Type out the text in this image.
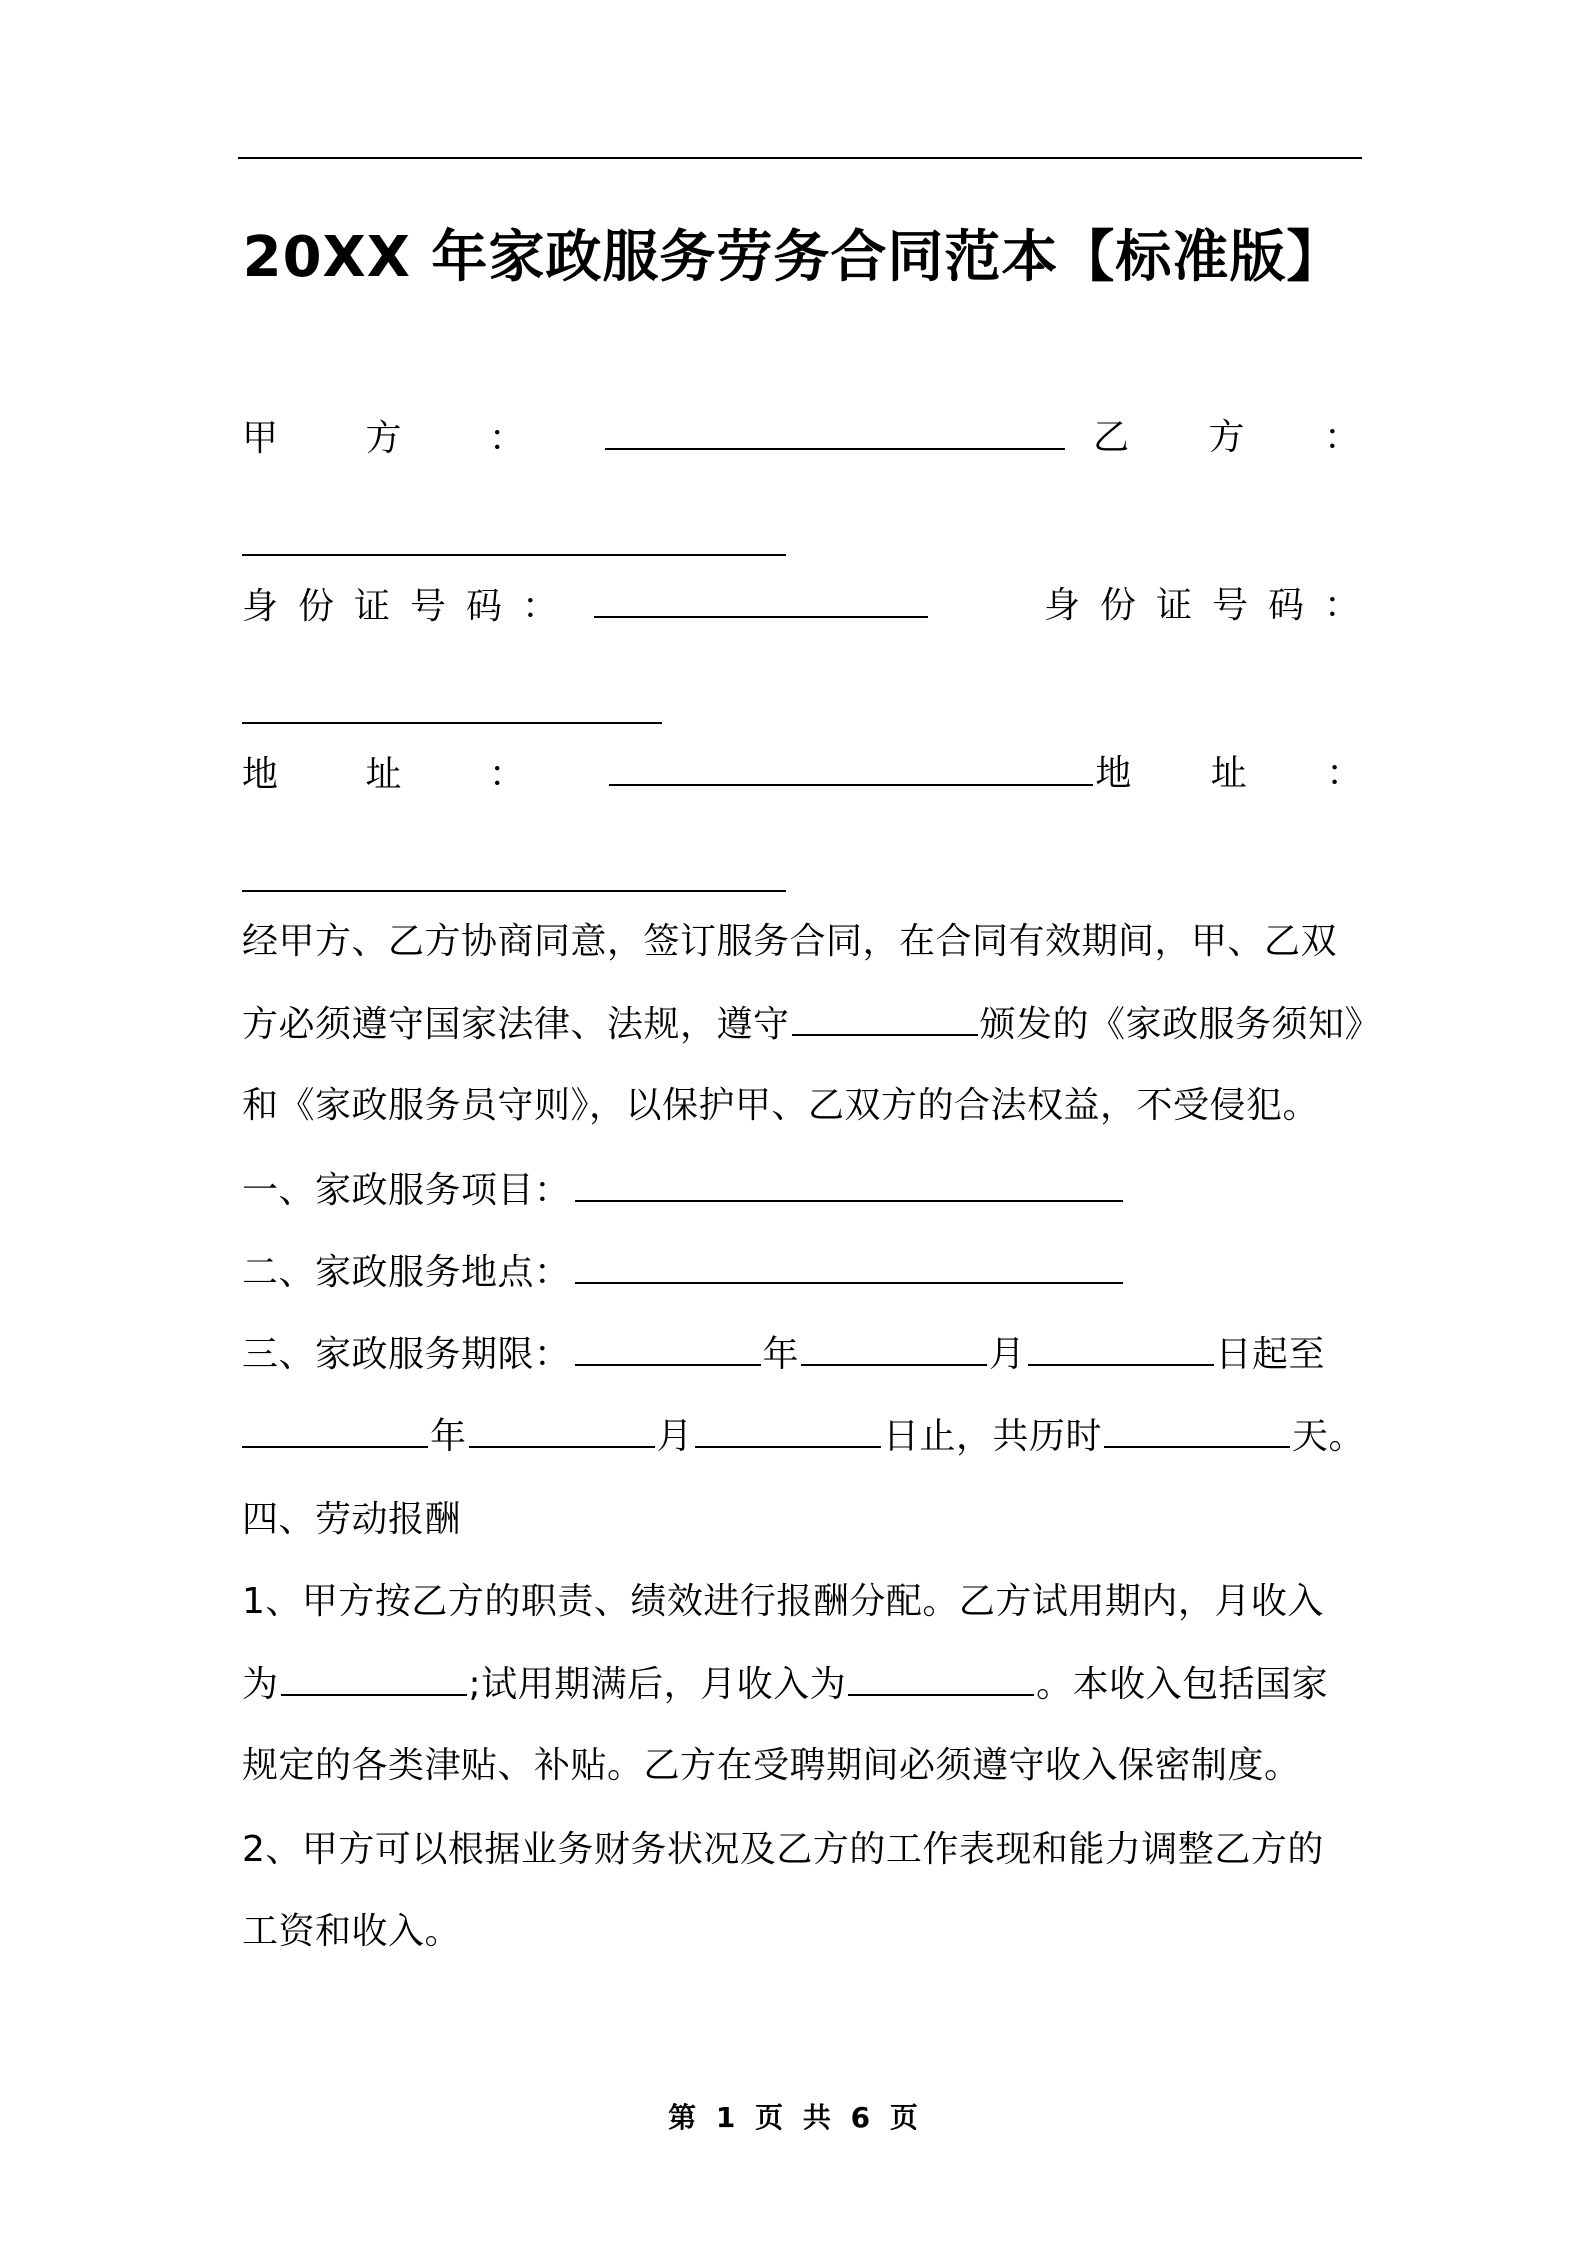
20XX 年家政服务劳务合同范本【标准版】
甲 方 ：	乙 方 ：
身份证号码：	身份证号码：
地 址 ：	地 址 ：
经甲方、乙方协商同意，签订服务合同，在合同有效期间，甲、乙双
方必须遵守国家法律、法规，遵守	颁发的《家政服务须知》
和《家政服务员守则》，以保护甲、乙双方的合法权益，不受侵犯。
一、家政服务项目：
二、家政服务地点：
三、家政服务期限：	年	月	日起至
年	月	日止，共历时	天。
四、劳动报酬
1、甲方按乙方的职责、绩效进行报酬分配。乙方试用期内，月收入
为	;试用期满后，月收入为	。本收入包括国家
规定的各类津贴、补贴。乙方在受聘期间必须遵守收入保密制度。
2、甲方可以根据业务财务状况及乙方的工作表现和能力调整乙方的
工资和收入。
第 1 页 共 6 页
